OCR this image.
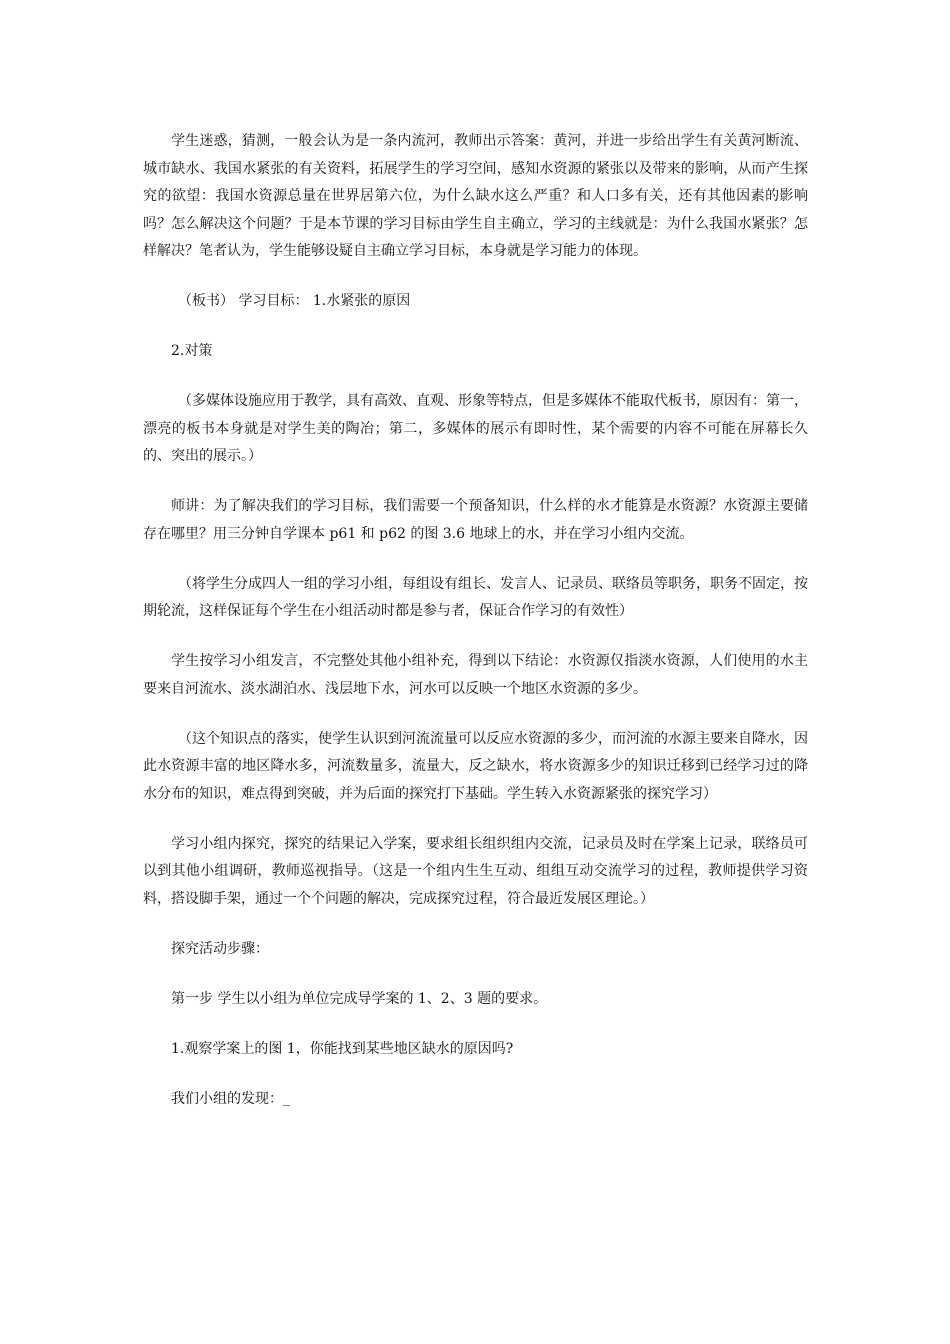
学生迷惑，猜测，一般会认为是一条内流河，教师出示答案：黄河，并进一步给出学生有关黄河断流、城市缺水、我国水紧张的有关资料，拓展学生的学习空间，感知水资源的紧张以及带来的影响，从而产生探究的欲望：我国水资源总量在世界居第六位，为什么缺水这么严重？和人口多有关，还有其他因素的影响吗？怎么解决这个问题？于是本节课的学习目标由学生自主确立，学习的主线就是：为什么我国水紧张？怎样解决？笔者认为，学生能够设疑自主确立学习目标，本身就是学习能力的体现。

（板书） 学习目标： 1.水紧张的原因

2.对策

（多媒体设施应用于教学，具有高效、直观、形象等特点，但是多媒体不能取代板书，原因有：第一，漂亮的板书本身就是对学生美的陶冶；第二，多媒体的展示有即时性，某个需要的内容不可能在屏幕长久的、突出的展示。）

师讲：为了解决我们的学习目标，我们需要一个预备知识，什么样的水才能算是水资源？水资源主要储存在哪里？用三分钟自学课本 p61 和 p62 的图 3.6 地球上的水，并在学习小组内交流。

（将学生分成四人一组的学习小组，每组设有组长、发言人、记录员、联络员等职务，职务不固定，按期轮流，这样保证每个学生在小组活动时都是参与者，保证合作学习的有效性）

学生按学习小组发言，不完整处其他小组补充，得到以下结论：水资源仅指淡水资源，人们使用的水主要来自河流水、淡水湖泊水、浅层地下水，河水可以反映一个地区水资源的多少。

（这个知识点的落实，使学生认识到河流流量可以反应水资源的多少，而河流的水源主要来自降水，因此水资源丰富的地区降水多，河流数量多，流量大，反之缺水，将水资源多少的知识迁移到已经学习过的降水分布的知识，难点得到突破，并为后面的探究打下基础。学生转入水资源紧张的探究学习）

学习小组内探究，探究的结果记入学案，要求组长组织组内交流，记录员及时在学案上记录，联络员可以到其他小组调研，教师巡视指导。（这是一个组内生生互动、组组互动交流学习的过程，教师提供学习资料，搭设脚手架，通过一个个问题的解决，完成探究过程，符合最近发展区理论。）

探究活动步骤：

第一步 学生以小组为单位完成导学案的 1、2、3 题的要求。

1.观察学案上的图 1，你能找到某些地区缺水的原因吗?

我们小组的发现：_
